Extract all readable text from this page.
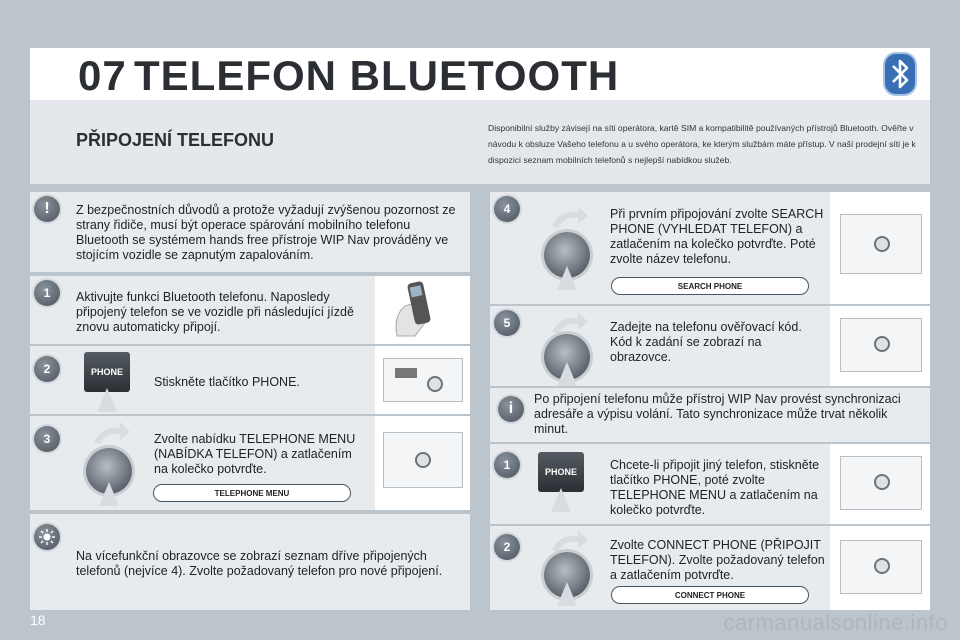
07 TELEFON BLUETOOTH
PŘIPOJENÍ TELEFONU
Disponibilní služby závisejí na síti operátora, kartě SIM a kompatibilitě používaných přístrojů Bluetooth. Ověřte v návodu k obsluze Vašeho telefonu a u svého operátora, ke kterým službám máte přístup. V naší prodejní síti je k dispozici seznam mobilních telefonů s nejlepší nabídkou služeb.
!	Z bezpečnostních důvodů a protože vyžadují zvýšenou pozornost ze strany řidiče, musí být operace spárování mobilního telefonu Bluetooth se systémem hands free přístroje WIP Nav prováděny ve stojícím vozidle se zapnutým zapalováním.
1	Aktivujte funkci Bluetooth telefonu. Naposledy připojený telefon se ve vozidle při následující jízdě znovu automaticky připojí.
2	PHONE
Stiskněte tlačítko PHONE.
3	Zvolte nabídku TELEPHONE MENU (NABÍDKA TELEFON) a zatlačením na kolečko potvrďte.
TELEPHONE MENU
Na vícefunkční obrazovce se zobrazí seznam dříve připojených telefonů (nejvíce 4). Zvolte požadovaný telefon pro nové připojení.
4	Při prvním připojování zvolte SEARCH PHONE (VYHLEDAT TELEFON) a zatlačením na kolečko potvrďte. Poté zvolte název telefonu.
SEARCH PHONE
5	Zadejte na telefonu ověřovací kód. Kód k zadání se zobrazí na obrazovce.
i
Po připojení telefonu může přístroj WIP Nav provést synchronizaci adresáře a výpisu volání. Tato synchronizace může trvat několik minut.
1	PHONE	Chcete-li připojit jiný telefon, stiskněte tlačítko PHONE, poté zvolte TELEPHONE MENU a zatlačením na kolečko potvrďte.
2	Zvolte CONNECT PHONE (PŘIPOJIT TELEFON). Zvolte požadovaný telefon a zatlačením potvrďte.
CONNECT PHONE
18	carmanualsonline.info
